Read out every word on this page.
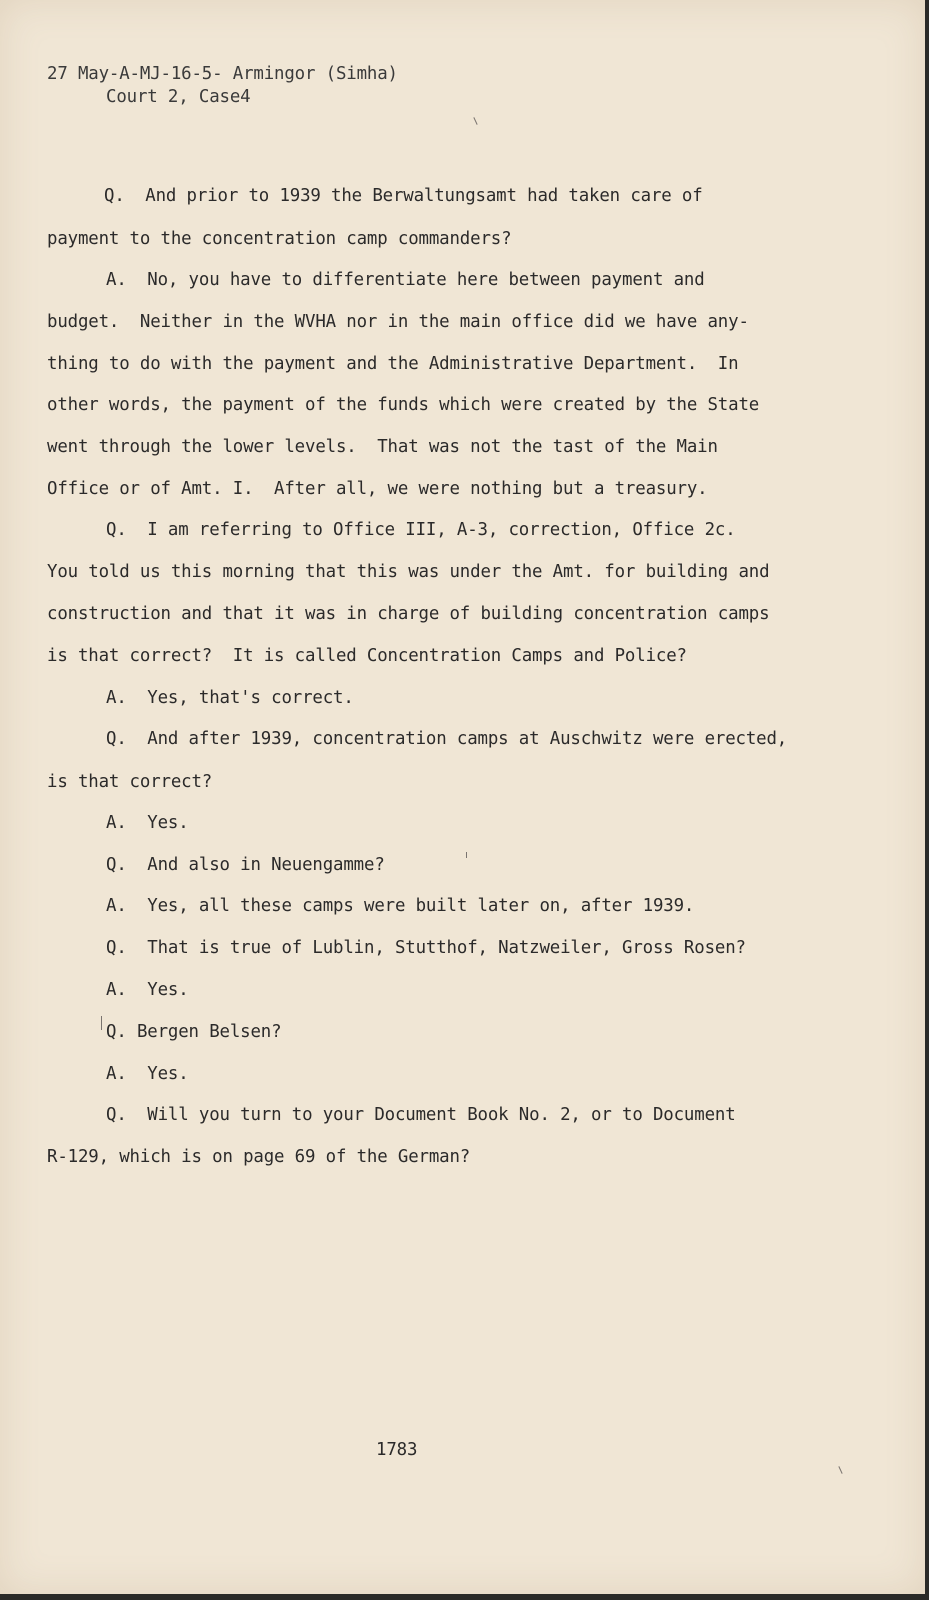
27 May-A-MJ-16-5- Armingor (Simha)
Court 2, Case4
Q.  And prior to 1939 the Berwaltungsamt had taken care of
payment to the concentration camp commanders?
A.  No, you have to differentiate here between payment and
budget.  Neither in the WVHA nor in the main office did we have any-
thing to do with the payment and the Administrative Department.  In
other words, the payment of the funds which were created by the State
went through the lower levels.  That was not the tast of the Main
Office or of Amt. I.  After all, we were nothing but a treasury.
Q.  I am referring to Office III, A-3, correction, Office 2c.
You told us this morning that this was under the Amt. for building and
construction and that it was in charge of building concentration camps
is that correct?  It is called Concentration Camps and Police?
A.  Yes, that's correct.
Q.  And after 1939, concentration camps at Auschwitz were erected,
is that correct?
A.  Yes.
Q.  And also in Neuengamme?
A.  Yes, all these camps were built later on, after 1939.
Q.  That is true of Lublin, Stutthof, Natzweiler, Gross Rosen?
A.  Yes.
Q. Bergen Belsen?
A.  Yes.
Q.  Will you turn to your Document Book No. 2, or to Document
R-129, which is on page 69 of the German?
1783
